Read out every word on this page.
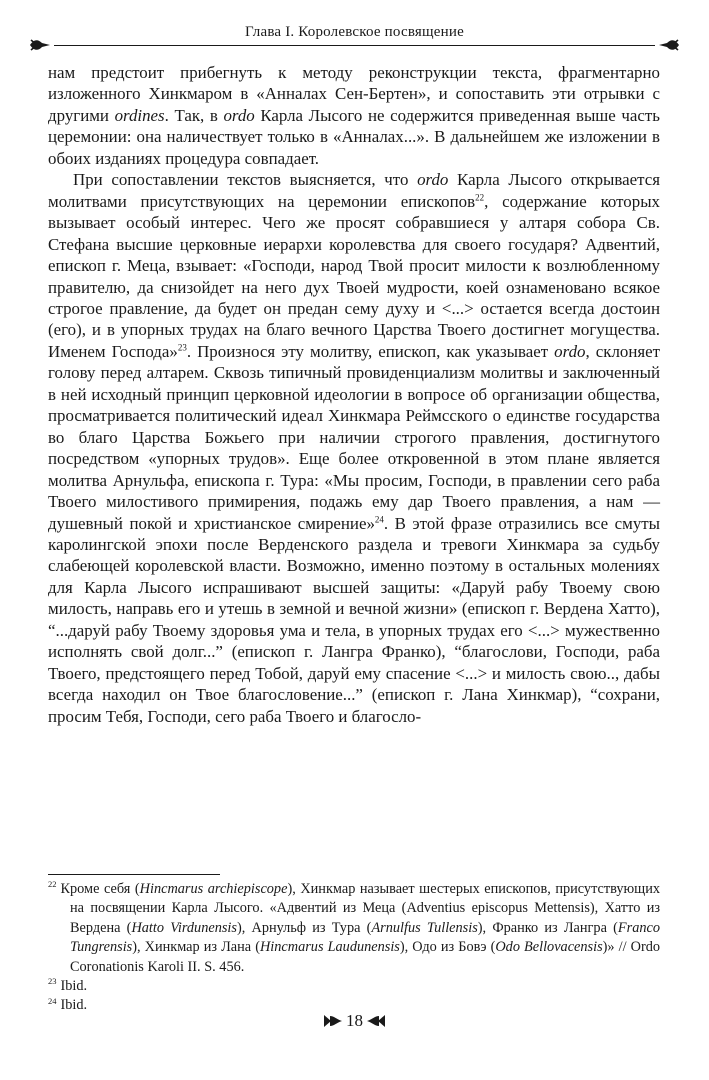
Глава I. Королевское посвящение

нам предстоит прибегнуть к методу реконструкции текста, фрагментарно изложенного Хинкмаром в «Анналах Сен-Бертен», и сопоставить эти отрывки с другими ordines. Так, в ordo Карла Лысого не содержится приведенная выше часть церемонии: она наличествует только в «Анналах...». В дальнейшем же изложении в обоих изданиях процедура совпадает.

При сопоставлении текстов выясняется, что ordo Карла Лысого открывается молитвами присутствующих на церемонии епископов$^{22}$, содержание которых вызывает особый интерес. Чего же просят собравшиеся у алтаря собора Св. Стефана высшие церковные иерархи королевства для своего государя? Адвентий, епископ г. Меца, взывает: «Господи, народ Твой просит милости к возлюбленному правителю, да снизойдет на него дух Твоей мудрости, коей ознаменовано всякое строгое правление, да будет он предан сему духу и <...> остается всегда достоин (его), и в упорных трудах на благо вечного Царства Твоего достигнет могущества. Именем Господа»$^{23}$. Произнося эту молитву, епископ, как указывает ordo, склоняет голову перед алтарем. Сквозь типичный провиденциализм молитвы и заключенный в ней исходный принцип церковной идеологии в вопросе об организации общества, просматривается политический идеал Хинкмара Реймсского о единстве государства во благо Царства Божьего при наличии строгого правления, достигнутого посредством «упорных трудов». Еще более откровенной в этом плане является молитва Арнульфа, епископа г. Тура: «Мы просим, Господи, в правлении сего раба Твоего милостивого примирения, подажь ему дар Твоего правления, а нам — душевный покой и христианское смирение»$^{24}$. В этой фразе отразились все смуты каролингской эпохи после Верденского раздела и тревоги Хинкмара за судьбу слабеющей королевской власти. Возможно, именно поэтому в остальных молениях для Карла Лысого испрашивают высшей защиты: «Даруй рабу Твоему свою милость, направь его и утешь в земной и вечной жизни» (епископ г. Вердена Хатто), “...даруй рабу Твоему здоровья ума и тела, в упорных трудах его <...> мужественно исполнять свой долг...” (епископ г. Лангра Франко), “благослови, Господи, раба Твоего, предстоящего перед Тобой, даруй ему спасение <...> и милость свою.., дабы всегда находил он Твое благословение...” (епископ г. Лана Хинкмар), “сохрани, просим Тебя, Господи, сего раба Твоего и благосло-

$^{22}$ Кроме себя (Hincmarus archiepiscope), Хинкмар называет шестерых епископов, присутствующих на посвящении Карла Лысого. «Адвентий из Меца (Adventius episcopus Mettensis), Хатто из Вердена (Hatto Virdunensis), Арнульф из Тура (Arnulfus Tullensis), Франко из Лангра (Franco Tungrensis), Хинкмар из Лана (Hincmarus Laudunensis), Одо из Бовэ (Odo Bellovacensis)» // Ordo Coronationis Karoli II. S. 456.
$^{23}$ Ibid.
$^{24}$ Ibid.
18
